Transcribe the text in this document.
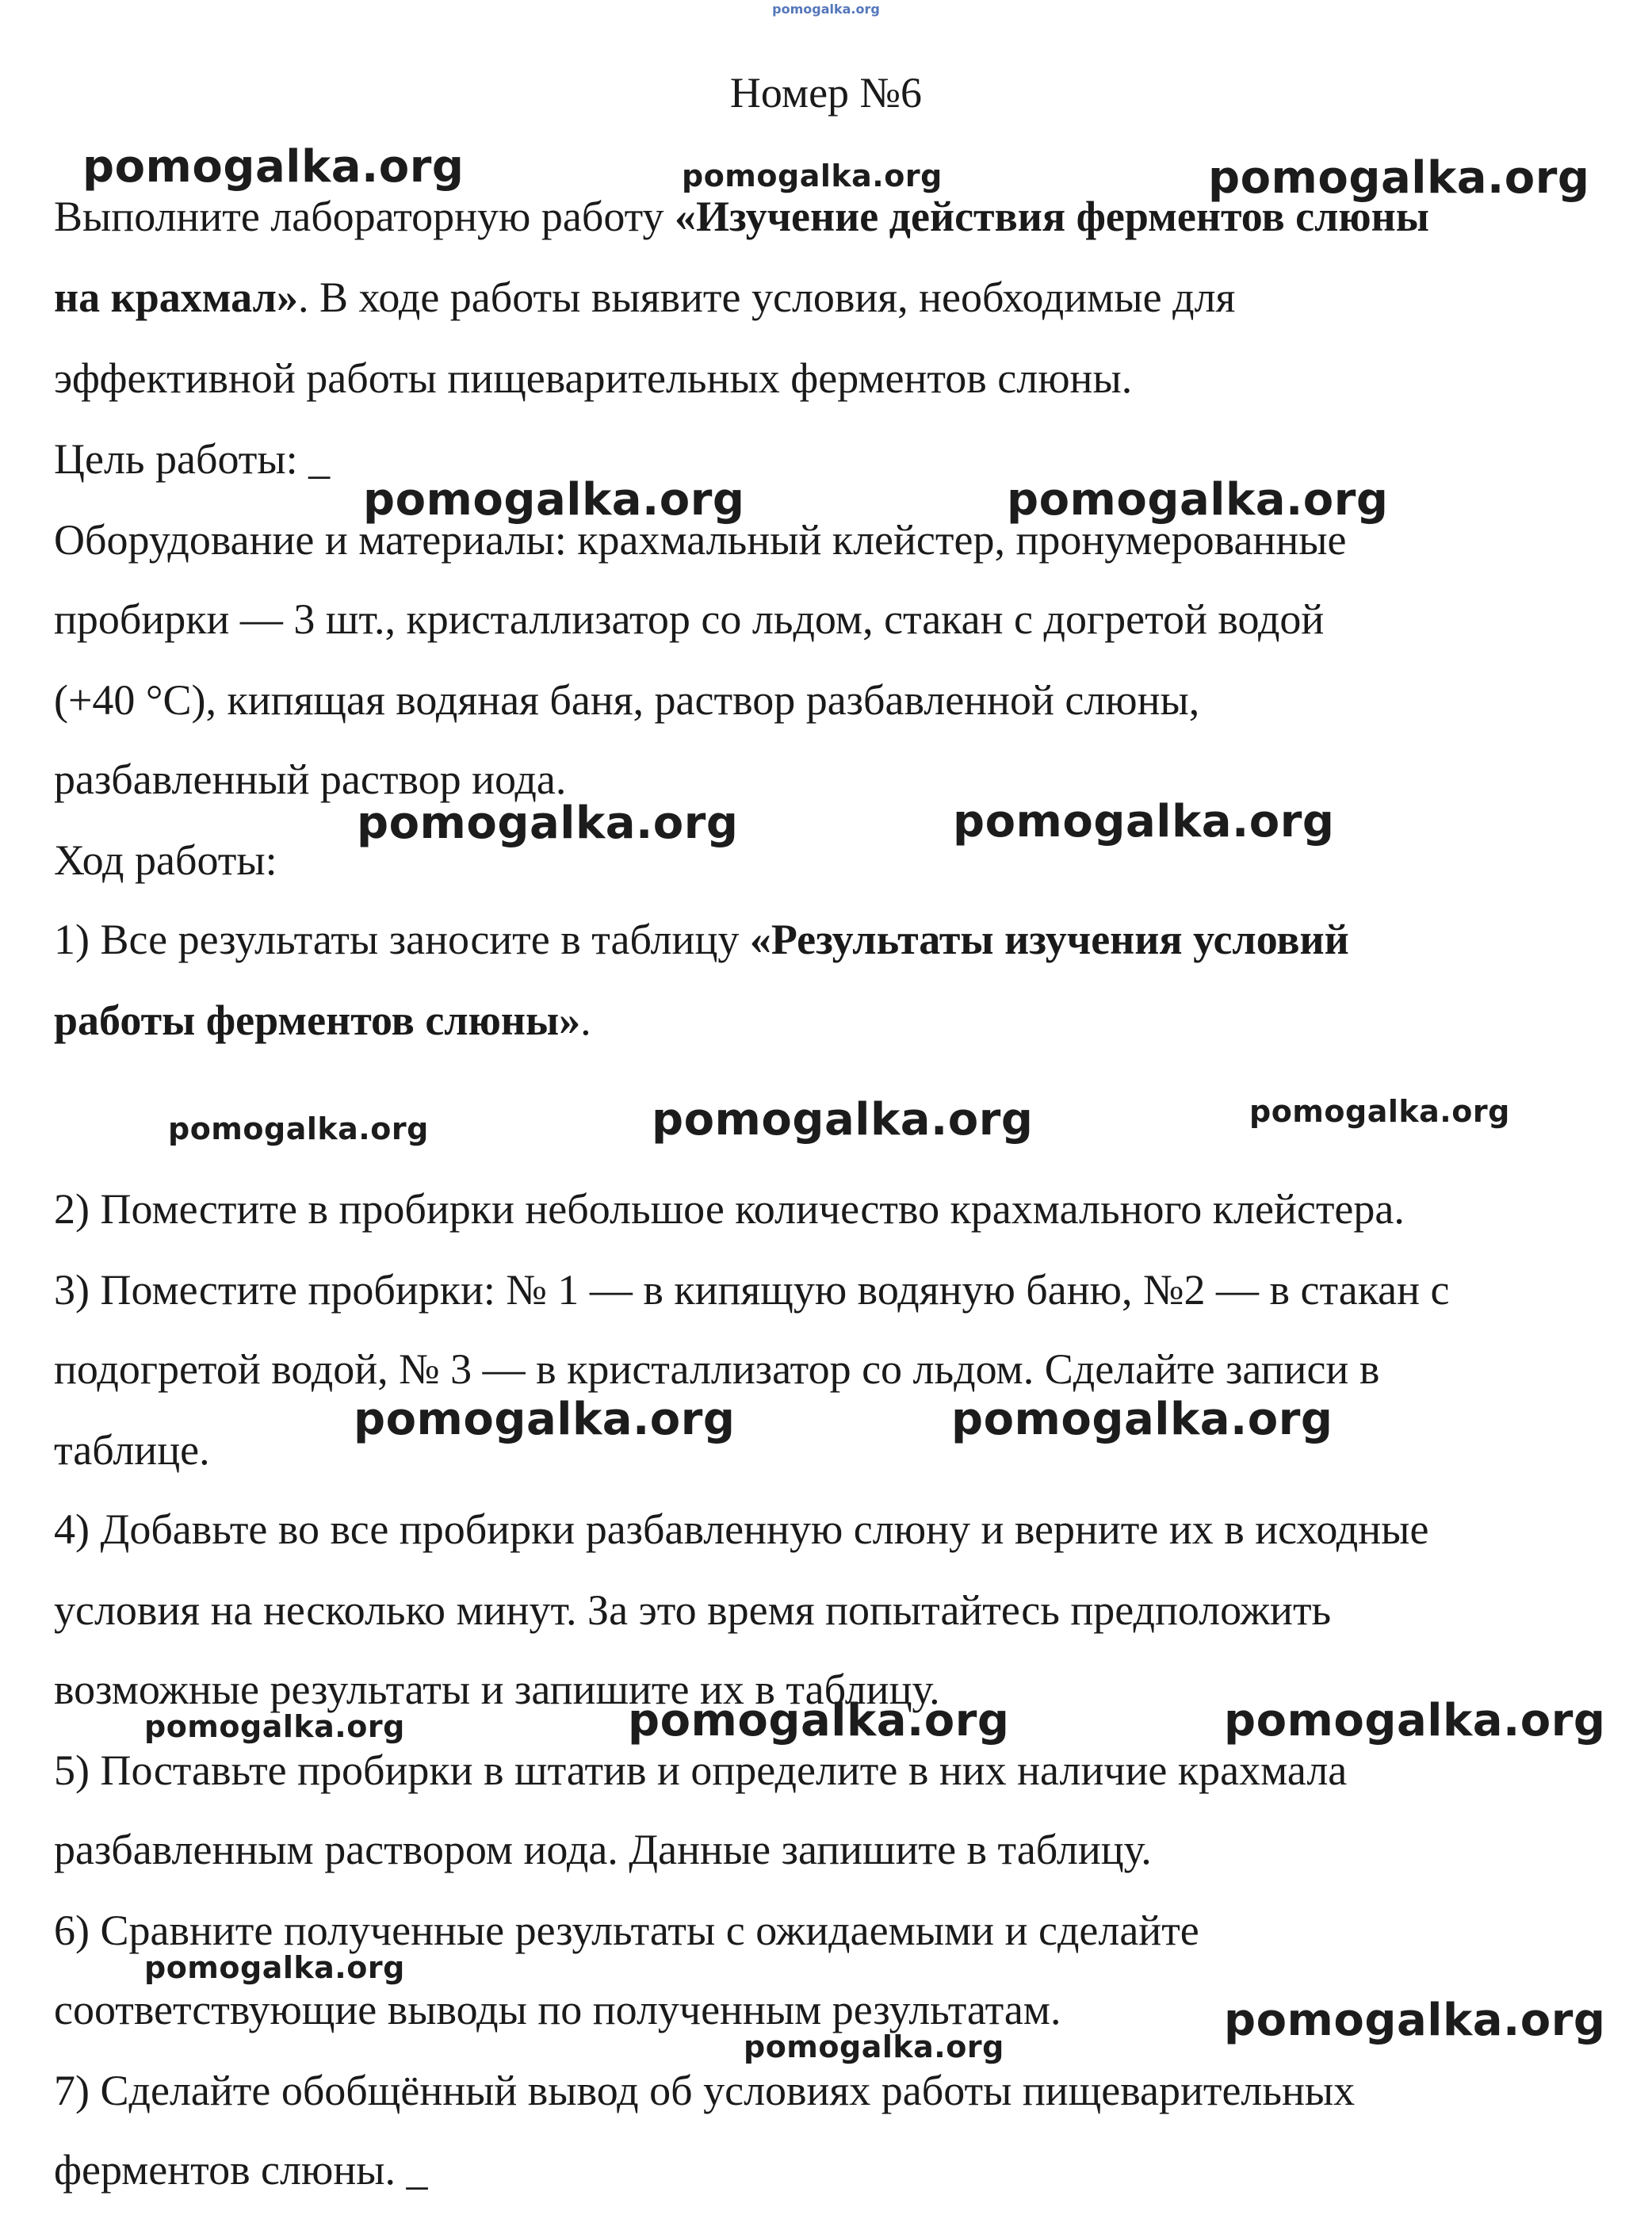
pomogalka.org
Номер №6
Выполните лабораторную работу «Изучение действия ферментов слюны
на крахмал». В ходе работы выявите условия, необходимые для
эффективной работы пищеварительных ферментов слюны.
Цель работы: _
Оборудование и материалы: крахмальный клейстер, пронумерованные
пробирки — 3 шт., кристаллизатор со льдом, стакан с догретой водой
(+40 °С), кипящая водяная баня, раствор разбавленной слюны,
разбавленный раствор иода.
Ход работы:
1) Все результаты заносите в таблицу «Результаты изучения условий
работы ферментов слюны».
2) Поместите в пробирки небольшое количество крахмального клейстера.
3) Поместите пробирки: № 1 — в кипящую водяную баню, №2 — в стакан с
подогретой водой, № 3 — в кристаллизатор со льдом. Сделайте записи в
таблице.
4) Добавьте во все пробирки разбавленную слюну и верните их в исходные
условия на несколько минут. За это время попытайтесь предположить
возможные результаты и запишите их в таблицу.
5) Поставьте пробирки в штатив и определите в них наличие крахмала
разбавленным раствором иода. Данные запишите в таблицу.
6) Сравните полученные результаты с ожидаемыми и сделайте
соответствующие выводы по полученным результатам.
7) Сделайте обобщённый вывод об условиях работы пищеварительных
ферментов слюны. _
pomogalka.org	pomogalka.org	pomogalka.org
pomogalka.org	pomogalka.org
pomogalka.org	pomogalka.org
pomogalka.org	pomogalka.org	pomogalka.org
pomogalka.org	pomogalka.org
pomogalka.org	pomogalka.org	pomogalka.org
pomogalka.org
pomogalka.org
pomogalka.org
